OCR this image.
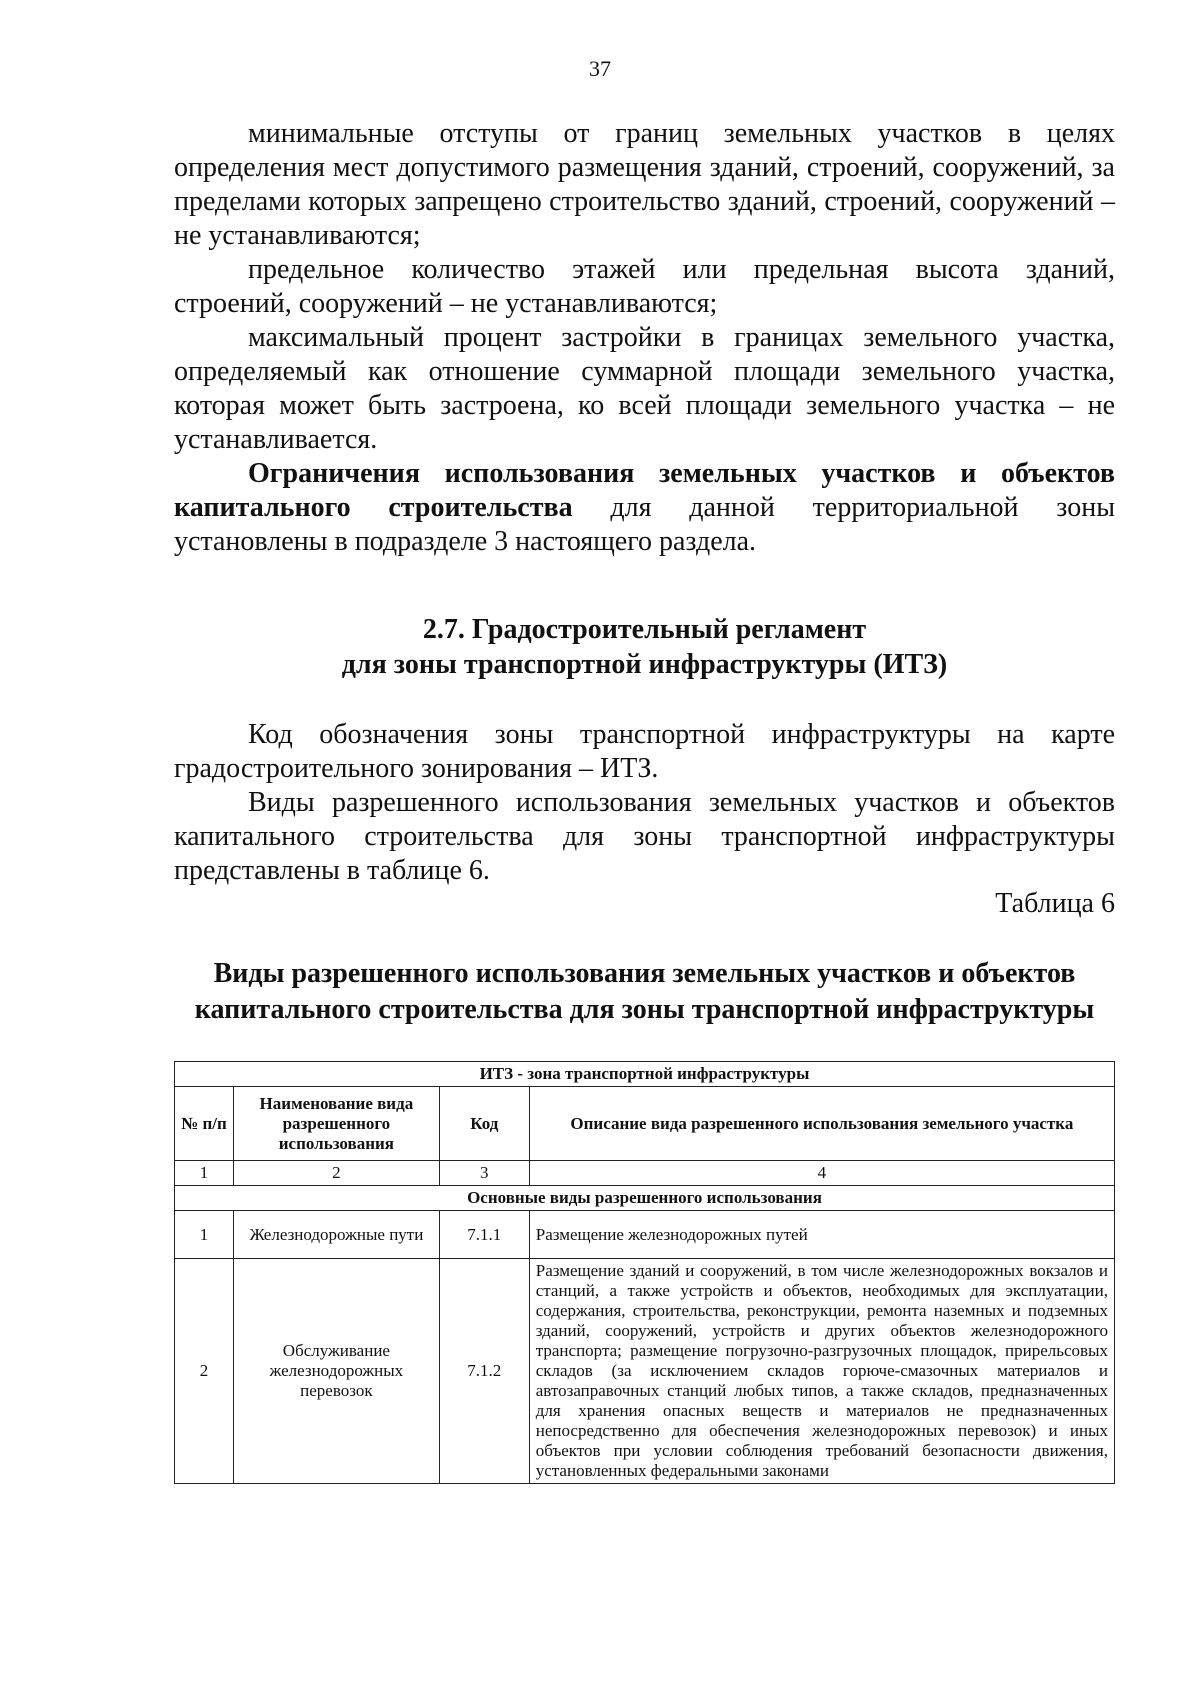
37

минимальные отступы от границ земельных участков в целях определения мест допустимого размещения зданий, строений, сооружений, за пределами которых запрещено строительство зданий, строений, сооружений – не устанавливаются;

предельное количество этажей или предельная высота зданий, строений, сооружений – не устанавливаются;

максимальный процент застройки в границах земельного участка, определяемый как отношение суммарной площади земельного участка, которая может быть застроена, ко всей площади земельного участка – не устанавливается.

Ограничения использования земельных участков и объектов капитального строительства для данной территориальной зоны установлены в подразделе 3 настоящего раздела.

2.7. Градостроительный регламент
для зоны транспортной инфраструктуры (ИТЗ)

Код обозначения зоны транспортной инфраструктуры на карте градостроительного зонирования – ИТЗ.

Виды разрешенного использования земельных участков и объектов капитального строительства для зоны транспортной инфраструктуры представлены в таблице 6.

Таблица 6
Виды разрешенного использования земельных участков и объектов
капитального строительства для зоны транспортной инфраструктуры
ИТЗ - зона транспортной инфраструктуры			
№ п/п	Наименование вида разрешенного использования	Код	Описание вида разрешенного использования земельного участка
1	2	3	4
Основные виды разрешенного использования			
1	Железнодорожные пути	7.1.1	Размещение железнодорожных путей
2	Обслуживание железнодорожных перевозок	7.1.2	Размещение зданий и сооружений, в том числе железнодорожных вокзалов и станций, а также устройств и объектов, необходимых для эксплуатации, содержания, строительства, реконструкции, ремонта наземных и подземных зданий, сооружений, устройств и других объектов железнодорожного транспорта; размещение погрузочно-разгрузочных площадок, прирельсовых складов (за исключением складов горюче-смазочных материалов и автозаправочных станций любых типов, а также складов, предназначенных для хранения опасных веществ и материалов не предназначенных непосредственно для обеспечения железнодорожных перевозок) и иных объектов при условии соблюдения требований безопасности движения, установленных федеральными законами
